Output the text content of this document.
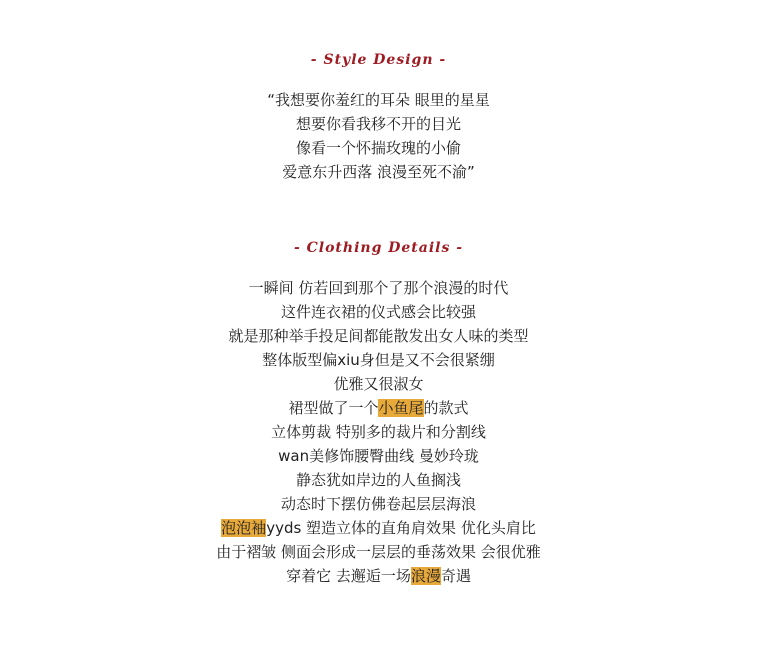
- Style Design -
“我想要你羞红的耳朵 眼里的星星
想要你看我移不开的目光
像看一个怀揣玫瑰的小偷
爱意东升西落 浪漫至死不渝”
- Clothing Details -
一瞬间 仿若回到那个了那个浪漫的时代
这件连衣裙的仪式感会比较强
就是那种举手投足间都能散发出女人味的类型
整体版型偏xiu身但是又不会很紧绷
优雅又很淑女
裙型做了一个小鱼尾的款式
立体剪裁 特别多的裁片和分割线
wan美修饰腰臀曲线 曼妙玲珑
静态犹如岸边的人鱼搁浅
动态时下摆仿佛卷起层层海浪
泡泡袖yyds 塑造立体的直角肩效果 优化头肩比
由于褶皱 侧面会形成一层层的垂荡效果 会很优雅
穿着它 去邂逅一场浪漫奇遇
